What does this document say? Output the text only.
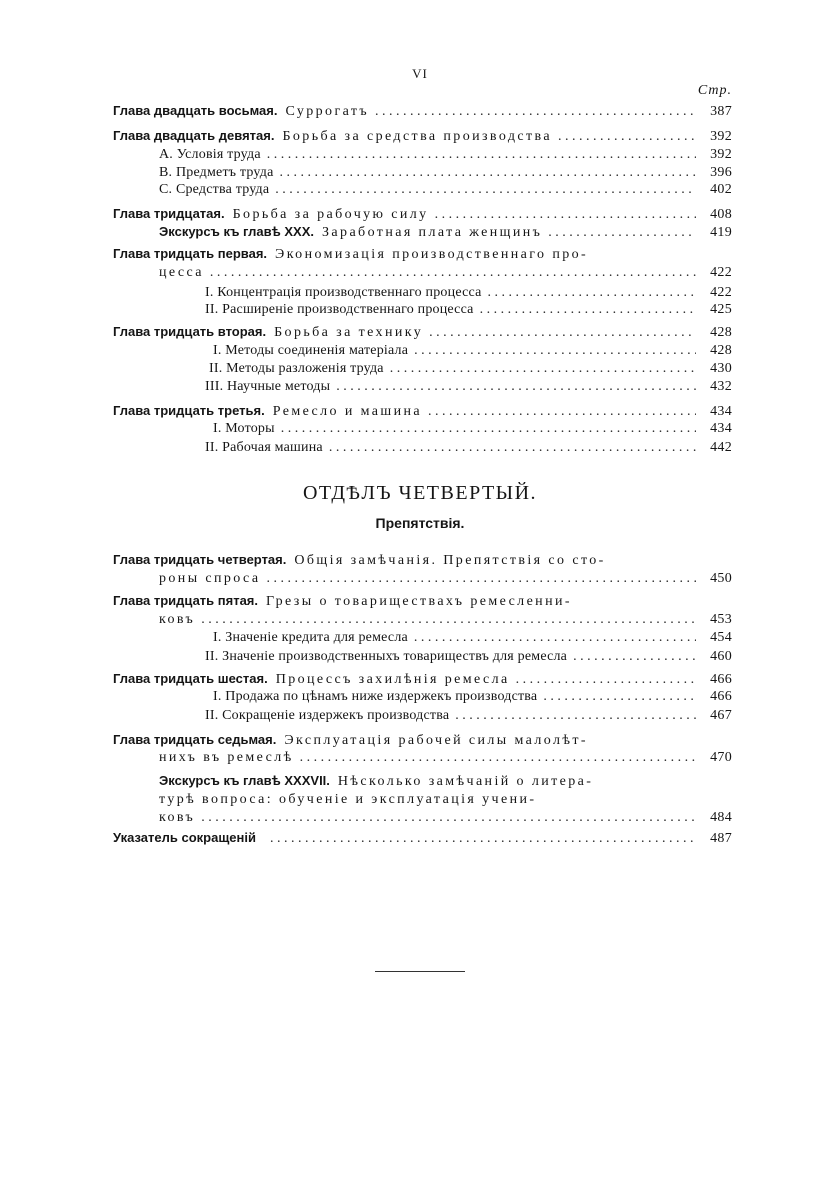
VI
Стр.
Глава двадцать восьмая. Суррогатъ . . .	387
Глава двадцать девятая. Борьба за средства производства . . .	392
А. Условія труда . . .	392
В. Предметъ труда . . .	396
С. Средства труда . . .	402
Глава тридцатая. Борьба за рабочую силу . . .	408
Экскурсъ къ главѣ XXX. Заработная плата женщинъ . . .	419
Глава тридцать первая. Экономизація производственнаго про-
цесса . . .	422
I. Концентрація производственнаго процесса . . .	422
II. Расширеніе производственнаго процесса . . .	425
Глава тридцать вторая. Борьба за технику . . .	428
I. Методы соединенія матеріала . . .	428
II. Методы разложенія труда . . .	430
III. Научные методы . . .	432
Глава тридцать третья. Ремесло и машина . . .	434
I. Моторы . . .	434
II. Рабочая машина . . .	442
ОТДѢЛЪ ЧЕТВЕРТЫЙ.
Препятствія.
Глава тридцать четвертая. Общія замѣчанія. Препятствія со сто-
роны спроса . . .	450
Глава тридцать пятая. Грезы о товариществахъ ремесленни-
ковъ . . .	453
I. Значеніе кредита для ремесла . . .	454
II. Значеніе производственныхъ товариществъ для ремесла . . .	460
Глава тридцать шестая. Процессъ захилѣнія ремесла . . .	466
I. Продажа по цѣнамъ ниже издержекъ производства . . .	466
II. Сокращеніе издержекъ производства . . .	467
Глава тридцать седьмая. Эксплуатація рабочей силы малолѣт-
нихъ въ ремеслѣ . . .	470
Экскурсъ къ главѣ XXXVII. Нѣсколько замѣчаній о литера-
турѣ вопроса: обученіе и эксплуатація учени-
ковъ . . .	484
Указатель сокращеній . . .	487
